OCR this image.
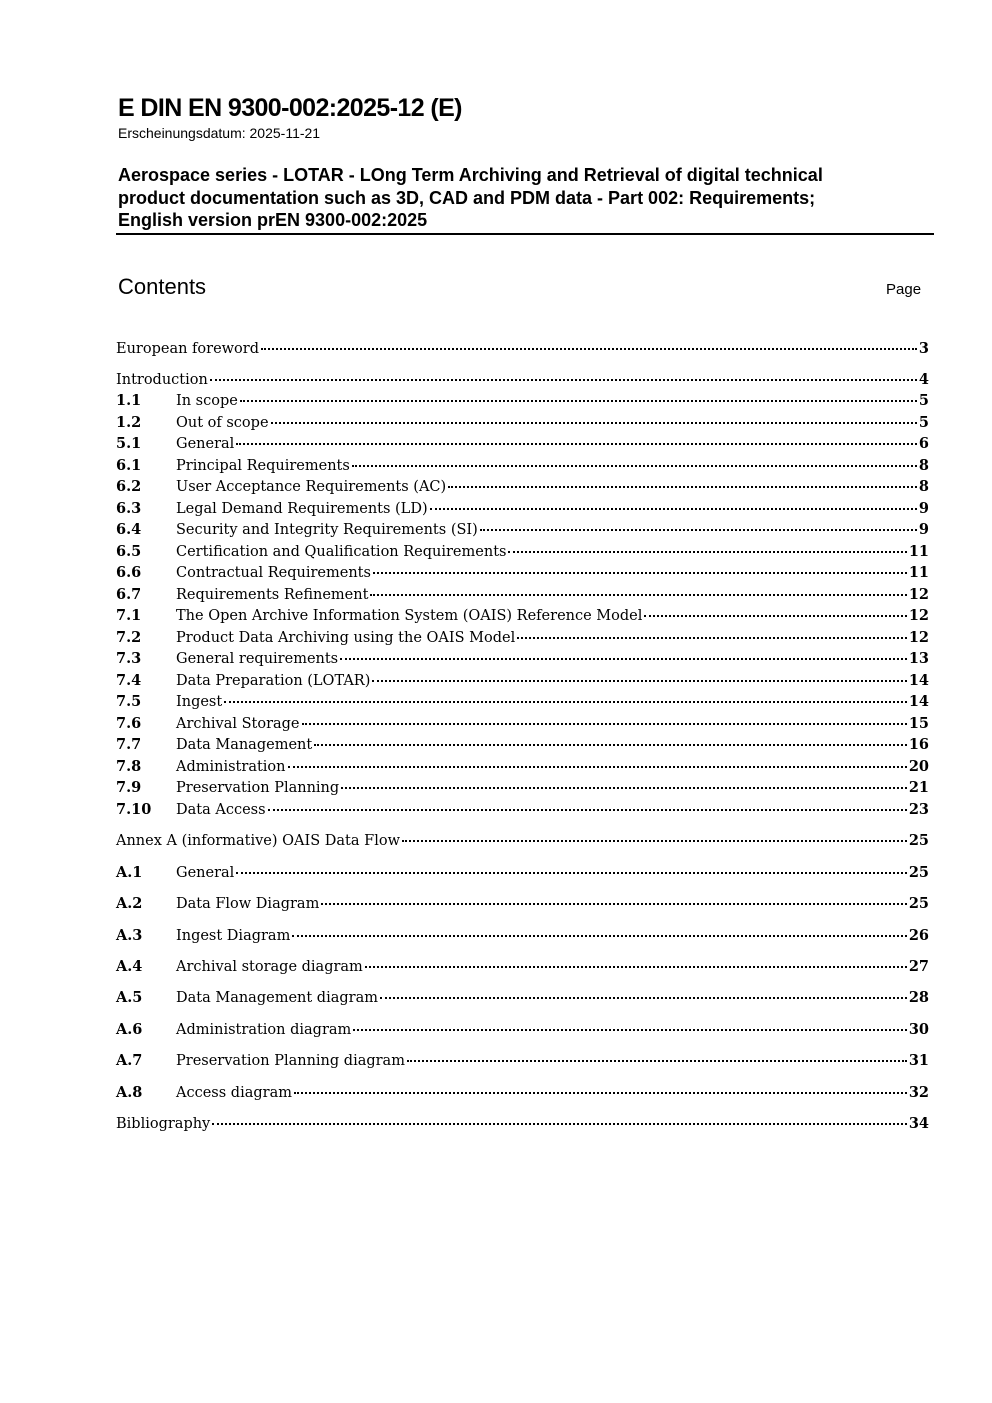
E DIN EN 9300-002:2025-12 (E)
Erscheinungsdatum: 2025-11-21
Aerospace series - LOTAR - LOng Term Archiving and Retrieval of digital technical
product documentation such as 3D, CAD and PDM data - Part 002: Requirements;
English version prEN 9300-002:2025
Contents	Page
European foreword	3
Introduction	4
1.1	In scope	5
1.2	Out of scope	5
5.1	General	6
6.1	Principal Requirements	8
6.2	User Acceptance Requirements (AC)	8
6.3	Legal Demand Requirements (LD)	9
6.4	Security and Integrity Requirements (SI)	9
6.5	Certification and Qualification Requirements	11
6.6	Contractual Requirements	11
6.7	Requirements Refinement	12
7.1	The Open Archive Information System (OAIS) Reference Model	12
7.2	Product Data Archiving using the OAIS Model	12
7.3	General requirements	13
7.4	Data Preparation (LOTAR)	14
7.5	Ingest	14
7.6	Archival Storage	15
7.7	Data Management	16
7.8	Administration	20
7.9	Preservation Planning	21
7.10	Data Access	23
Annex A (informative) OAIS Data Flow	25
A.1	General	25
A.2	Data Flow Diagram	25
A.3	Ingest Diagram	26
A.4	Archival storage diagram	27
A.5	Data Management diagram	28
A.6	Administration diagram	30
A.7	Preservation Planning diagram	31
A.8	Access diagram	32
Bibliography	34
